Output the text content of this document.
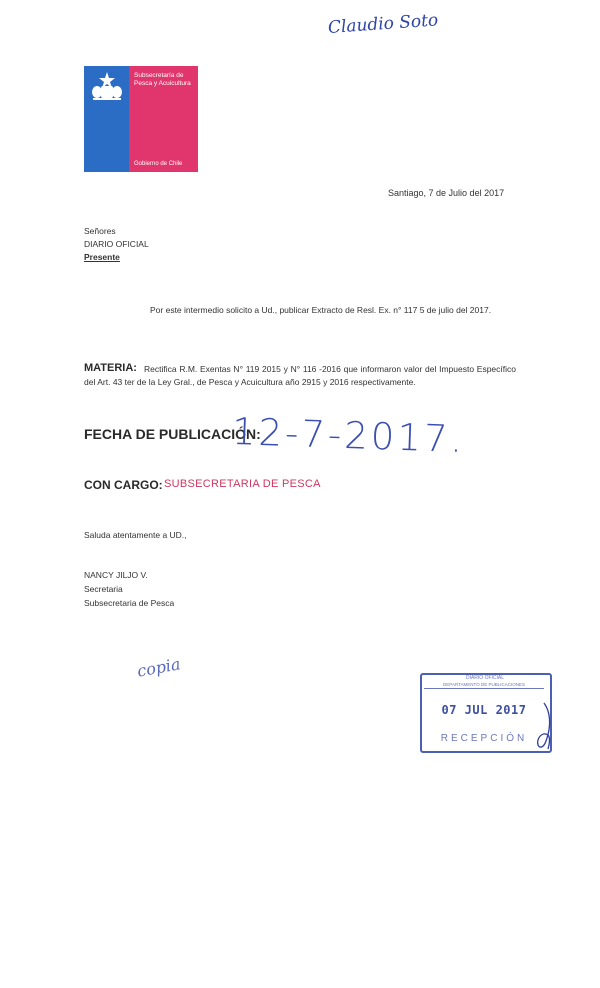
Claudio Soto
Subsecretaría de Pesca y Acuicultura
Gobierno de Chile
Santiago, 7 de Julio del 2017
Señores
DIARIO OFICIAL
Presente
Por este intermedio solicito a Ud., publicar Extracto de Resl. Ex. n° 117 5 de julio del 2017.
Rectifica R.M. Exentas N° 119 2015 y N° 116 -2016 que informaron valor del Impuesto Específico del Art. 43 ter de la Ley Gral., de Pesca y Acuicultura año 2915 y 2016 respectivamente.
MATERIA:
FECHA DE PUBLICACIÓN:
12-7-2017.
CON CARGO: SUBSECRETARIA DE PESCA
Saluda atentamente a UD.,
NANCY JILJO V.
Secretaria
Subsecretaria de Pesca
copia	DIARIO OFICIAL
DEPARTAMENTO DE PUBLICACIONES
07 JUL 2017
RECEPCIÓN
